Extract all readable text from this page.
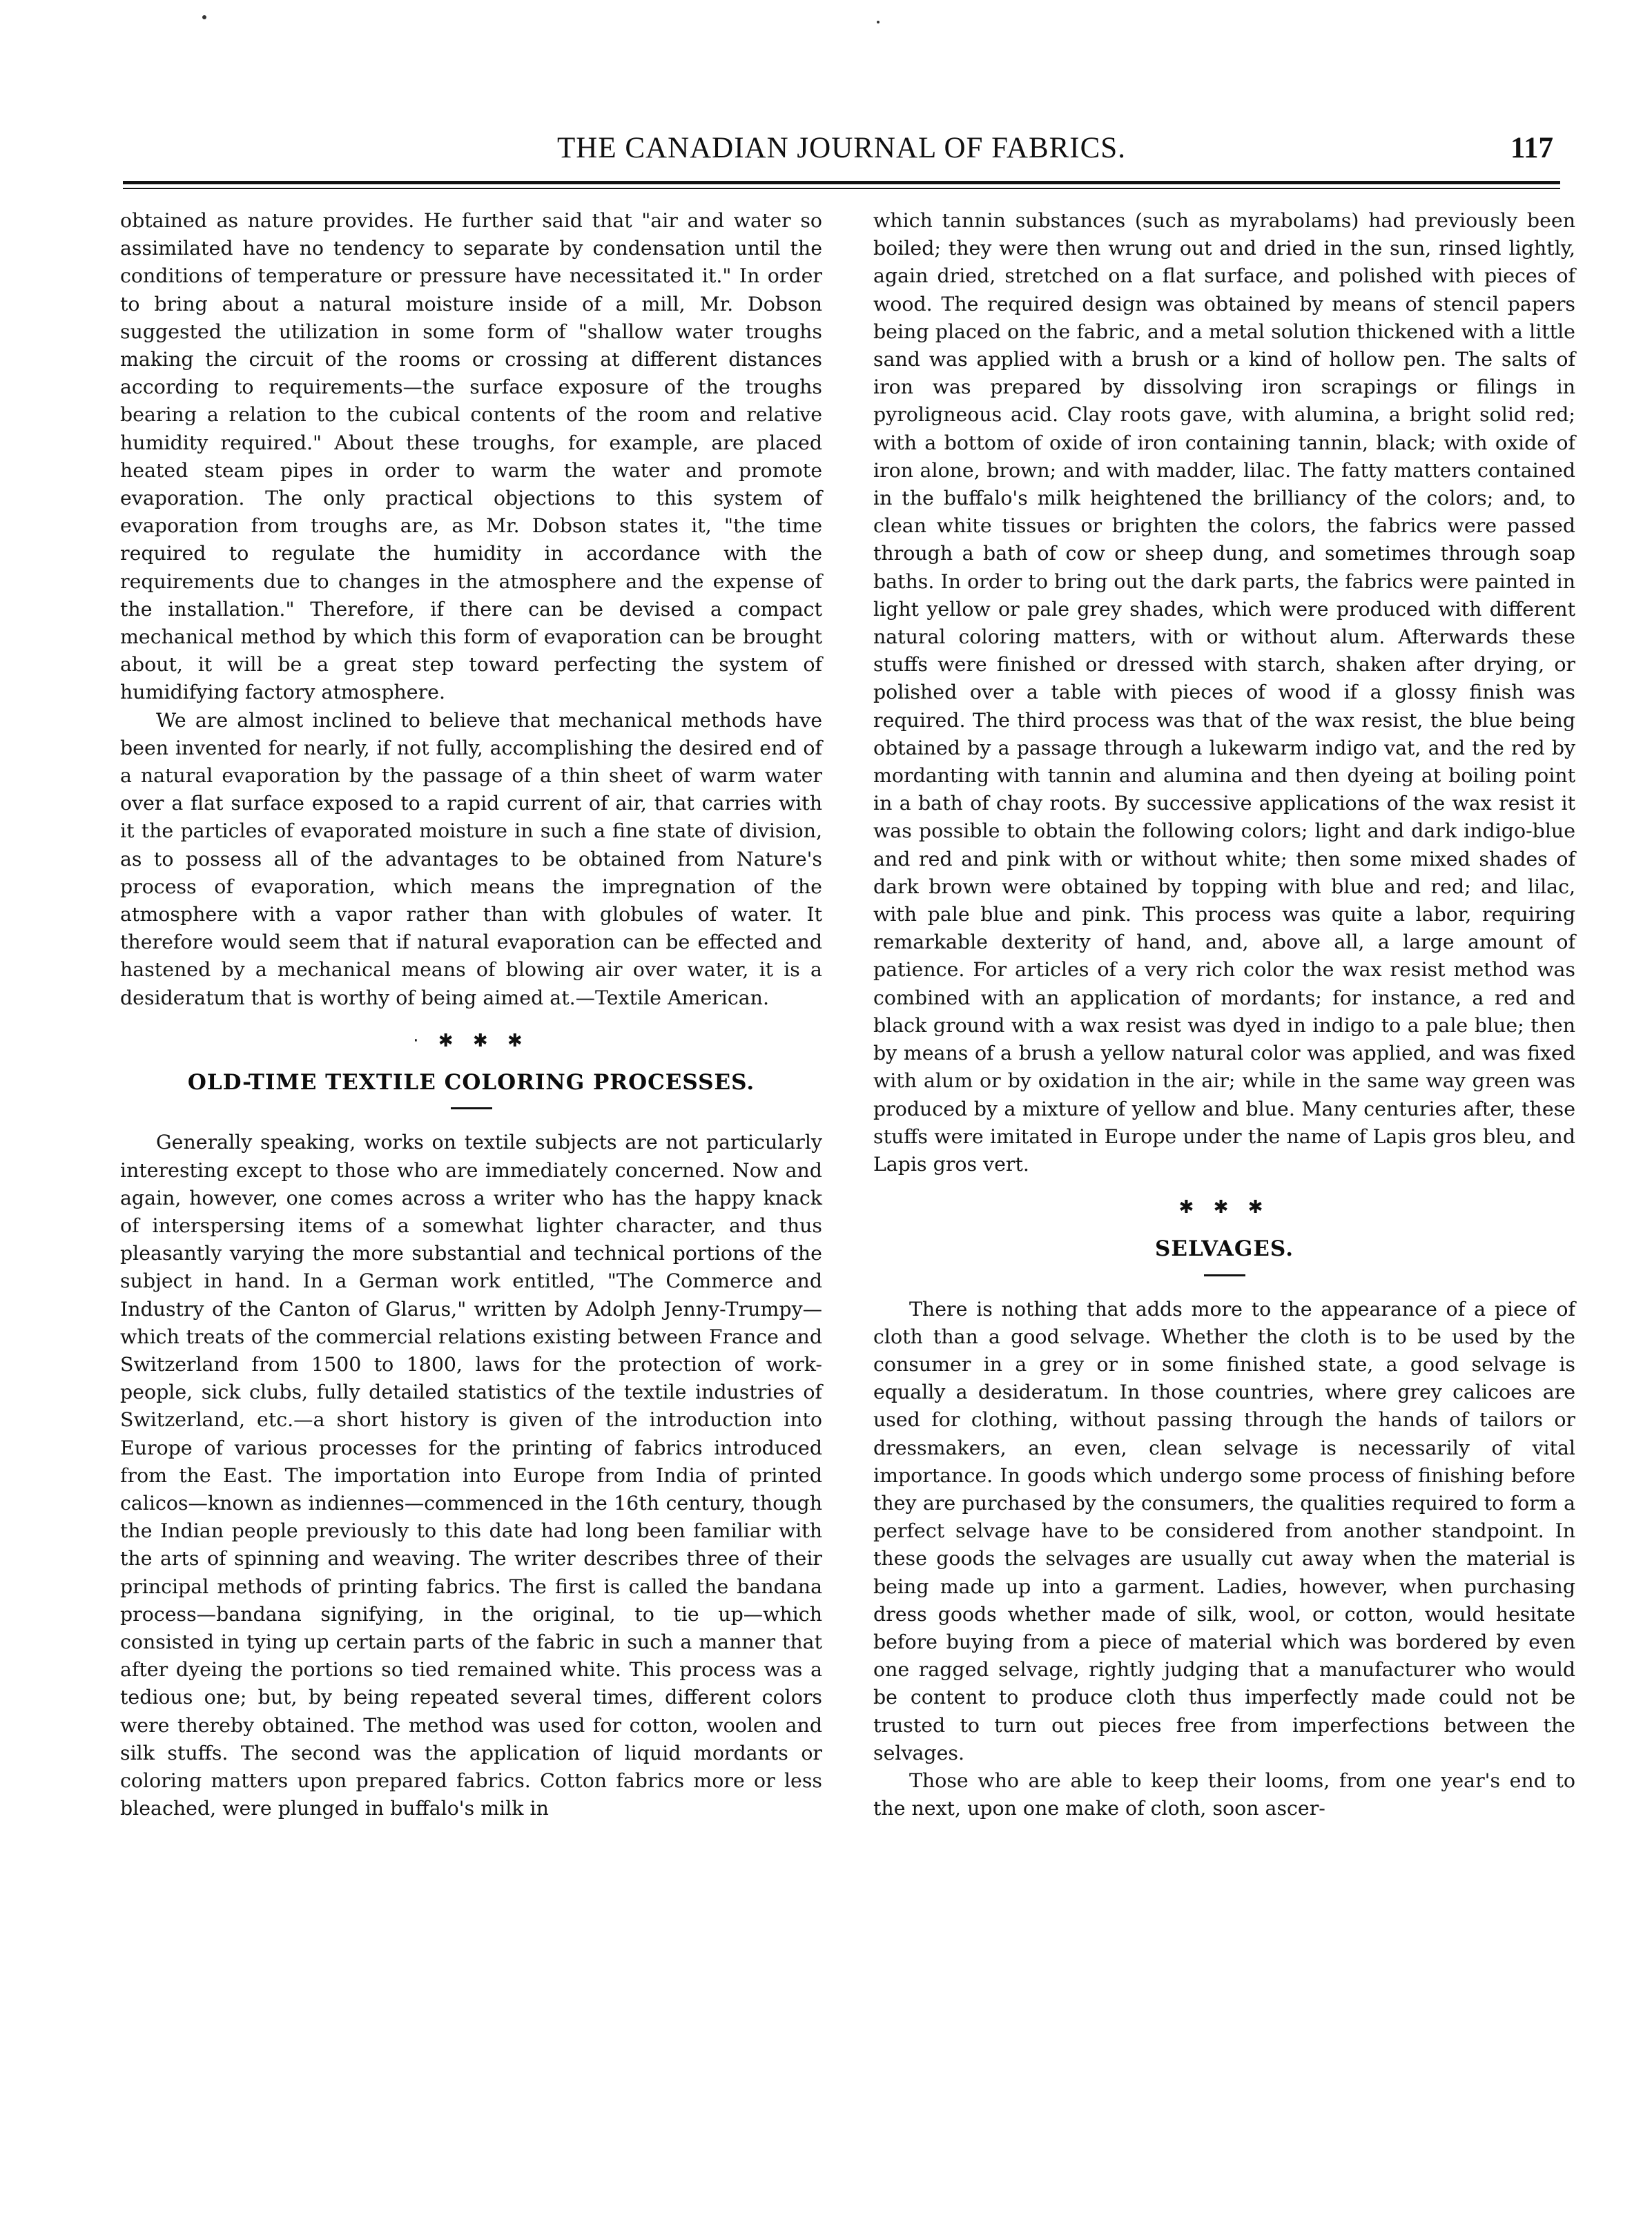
THE CANADIAN JOURNAL OF FABRICS.	117

obtained as nature provides. He further said that "air and water so assimilated have no tendency to separate by condensation until the conditions of temperature or pressure have necessitated it." In order to bring about a natural moisture inside of a mill, Mr. Dobson suggested the utilization in some form of "shallow water troughs making the circuit of the rooms or crossing at different distances according to requirements—the surface exposure of the troughs bearing a relation to the cubical contents of the room and relative humidity required." About these troughs, for example, are placed heated steam pipes in order to warm the water and promote evaporation. The only practical objections to this system of evaporation from troughs are, as Mr. Dobson states it, "the time required to regulate the humidity in accordance with the requirements due to changes in the atmosphere and the expense of the installation." Therefore, if there can be devised a compact mechanical method by which this form of evaporation can be brought about, it will be a great step toward perfecting the system of humidifying factory atmosphere.

We are almost inclined to believe that mechanical methods have been invented for nearly, if not fully, accomplishing the desired end of a natural evaporation by the passage of a thin sheet of warm water over a flat surface exposed to a rapid current of air, that carries with it the particles of evaporated moisture in such a fine state of division, as to possess all of the advantages to be obtained from Nature's process of evaporation, which means the impregnation of the atmosphere with a vapor rather than with globules of water. It therefore would seem that if natural evaporation can be effected and hastened by a mechanical means of blowing air over water, it is a desideratum that is worthy of being aimed at.—Textile American.

· ✱ ✱ ✱
OLD-TIME TEXTILE COLORING PROCESSES.

Generally speaking, works on textile subjects are not particularly interesting except to those who are immediately concerned. Now and again, however, one comes across a writer who has the happy knack of interspersing items of a somewhat lighter character, and thus pleasantly varying the more substantial and technical portions of the subject in hand. In a German work entitled, "The Commerce and Industry of the Canton of Glarus," written by Adolph Jenny-Trumpy—which treats of the commercial relations existing between France and Switzerland from 1500 to 1800, laws for the protection of work-people, sick clubs, fully detailed statistics of the textile industries of Switzerland, etc.—a short history is given of the introduction into Europe of various processes for the printing of fabrics introduced from the East. The importation into Europe from India of printed calicos—known as indiennes—commenced in the 16th century, though the Indian people previously to this date had long been familiar with the arts of spinning and weaving. The writer describes three of their principal methods of printing fabrics. The first is called the bandana process—bandana signifying, in the original, to tie up—which consisted in tying up certain parts of the fabric in such a manner that after dyeing the portions so tied remained white. This process was a tedious one; but, by being repeated several times, different colors were thereby obtained. The method was used for cotton, woolen and silk stuffs. The second was the application of liquid mordants or coloring matters upon prepared fabrics. Cotton fabrics more or less bleached, were plunged in buffalo's milk in

which tannin substances (such as myrabolams) had previously been boiled; they were then wrung out and dried in the sun, rinsed lightly, again dried, stretched on a flat surface, and polished with pieces of wood. The required design was obtained by means of stencil papers being placed on the fabric, and a metal solution thickened with a little sand was applied with a brush or a kind of hollow pen. The salts of iron was prepared by dissolving iron scrapings or filings in pyroligneous acid. Clay roots gave, with alumina, a bright solid red; with a bottom of oxide of iron containing tannin, black; with oxide of iron alone, brown; and with madder, lilac. The fatty matters contained in the buffalo's milk heightened the brilliancy of the colors; and, to clean white tissues or brighten the colors, the fabrics were passed through a bath of cow or sheep dung, and sometimes through soap baths. In order to bring out the dark parts, the fabrics were painted in light yellow or pale grey shades, which were produced with different natural coloring matters, with or without alum. Afterwards these stuffs were finished or dressed with starch, shaken after drying, or polished over a table with pieces of wood if a glossy finish was required. The third process was that of the wax resist, the blue being obtained by a passage through a lukewarm indigo vat, and the red by mordanting with tannin and alumina and then dyeing at boiling point in a bath of chay roots. By successive applications of the wax resist it was possible to obtain the following colors; light and dark indigo-blue and red and pink with or without white; then some mixed shades of dark brown were obtained by topping with blue and red; and lilac, with pale blue and pink. This process was quite a labor, requiring remarkable dexterity of hand, and, above all, a large amount of patience. For articles of a very rich color the wax resist method was combined with an application of mordants; for instance, a red and black ground with a wax resist was dyed in indigo to a pale blue; then by means of a brush a yellow natural color was applied, and was fixed with alum or by oxidation in the air; while in the same way green was produced by a mixture of yellow and blue. Many centuries after, these stuffs were imitated in Europe under the name of Lapis gros bleu, and Lapis gros vert.

✱ ✱ ✱
SELVAGES.

There is nothing that adds more to the appearance of a piece of cloth than a good selvage. Whether the cloth is to be used by the consumer in a grey or in some finished state, a good selvage is equally a desideratum. In those countries, where grey calicoes are used for clothing, without passing through the hands of tailors or dressmakers, an even, clean selvage is necessarily of vital importance. In goods which undergo some process of finishing before they are purchased by the consumers, the qualities required to form a perfect selvage have to be considered from another standpoint. In these goods the selvages are usually cut away when the material is being made up into a garment. Ladies, however, when purchasing dress goods whether made of silk, wool, or cotton, would hesitate before buying from a piece of material which was bordered by even one ragged selvage, rightly judging that a manufacturer who would be content to produce cloth thus imperfectly made could not be trusted to turn out pieces free from imperfections between the selvages.

Those who are able to keep their looms, from one year's end to the next, upon one make of cloth, soon ascer-
